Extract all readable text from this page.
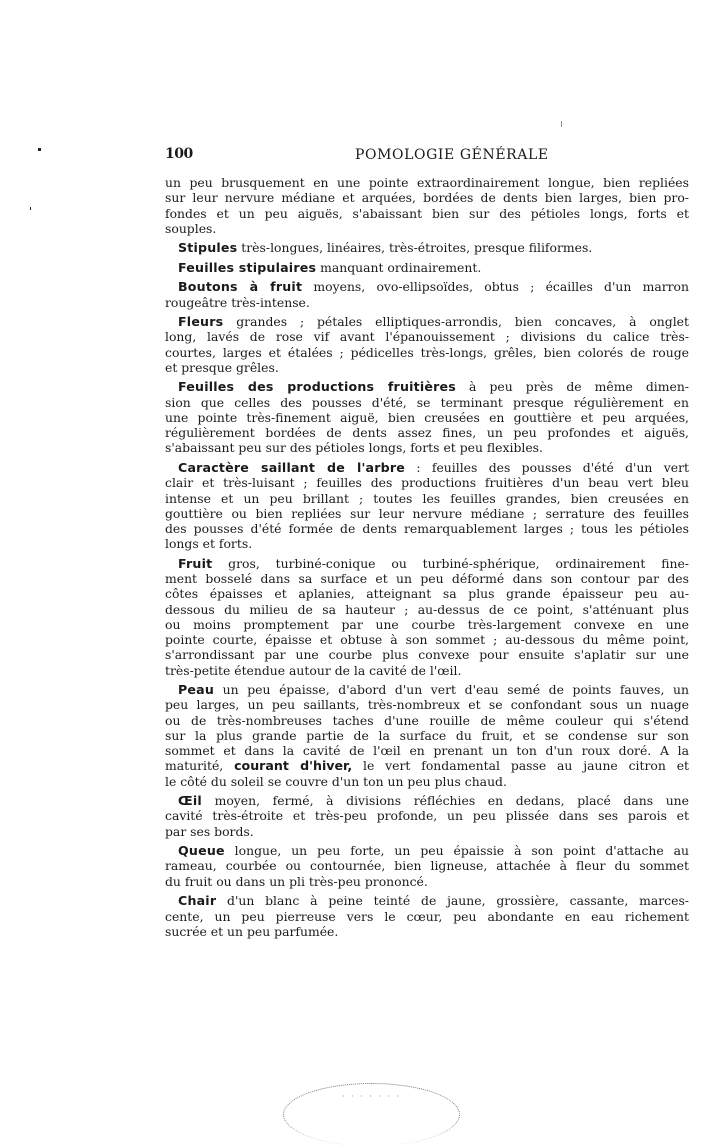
100	POMOLOGIE GÉNÉRALE
un peu brusquement en une pointe extraordinairement longue, bien repliées
sur leur nervure médiane et arquées, bordées de dents bien larges, bien pro-
fondes et un peu aiguës, s'abaissant bien sur des pétioles longs, forts et
souples.
Stipules très-longues, linéaires, très-étroites, presque filiformes.
Feuilles stipulaires manquant ordinairement.
Boutons à fruit moyens, ovo-ellipsoïdes, obtus ; écailles d'un marron
rougeâtre très-intense.
Fleurs grandes ; pétales elliptiques-arrondis, bien concaves, à onglet
long, lavés de rose vif avant l'épanouissement ; divisions du calice très-
courtes, larges et étalées ; pédicelles très-longs, grêles, bien colorés de rouge
et presque grêles.
Feuilles des productions fruitières à peu près de même dimen-
sion que celles des pousses d'été, se terminant presque régulièrement en
une pointe très-finement aiguë, bien creusées en gouttière et peu arquées,
régulièrement bordées de dents assez fines, un peu profondes et aiguës,
s'abaissant peu sur des pétioles longs, forts et peu flexibles.
Caractère saillant de l'arbre : feuilles des pousses d'été d'un vert
clair et très-luisant ; feuilles des productions fruitières d'un beau vert bleu
intense et un peu brillant ; toutes les feuilles grandes, bien creusées en
gouttière ou bien repliées sur leur nervure médiane ; serrature des feuilles
des pousses d'été formée de dents remarquablement larges ; tous les pétioles
longs et forts.
Fruit gros, turbiné-conique ou turbiné-sphérique, ordinairement fine-
ment bosselé dans sa surface et un peu déformé dans son contour par des
côtes épaisses et aplanies, atteignant sa plus grande épaisseur peu au-
dessous du milieu de sa hauteur ; au-dessus de ce point, s'atténuant plus
ou moins promptement par une courbe très-largement convexe en une
pointe courte, épaisse et obtuse à son sommet ; au-dessous du même point,
s'arrondissant par une courbe plus convexe pour ensuite s'aplatir sur une
très-petite étendue autour de la cavité de l'œil.
Peau un peu épaisse, d'abord d'un vert d'eau semé de points fauves, un
peu larges, un peu saillants, très-nombreux et se confondant sous un nuage
ou de très-nombreuses taches d'une rouille de même couleur qui s'étend
sur la plus grande partie de la surface du fruit, et se condense sur son
sommet et dans la cavité de l'œil en prenant un ton d'un roux doré. A la
maturité, courant d'hiver, le vert fondamental passe au jaune citron et
le côté du soleil se couvre d'un ton un peu plus chaud.
Œil moyen, fermé, à divisions réfléchies en dedans, placé dans une
cavité très-étroite et très-peu profonde, un peu plissée dans ses parois et
par ses bords.
Queue longue, un peu forte, un peu épaissie à son point d'attache au
rameau, courbée ou contournée, bien ligneuse, attachée à fleur du sommet
du fruit ou dans un pli très-peu prononcé.
Chair d'un blanc à peine teinté de jaune, grossière, cassante, marces-
cente, un peu pierreuse vers le cœur, peu abondante en eau richement
sucrée et un peu parfumée.
· · · · · · ·
